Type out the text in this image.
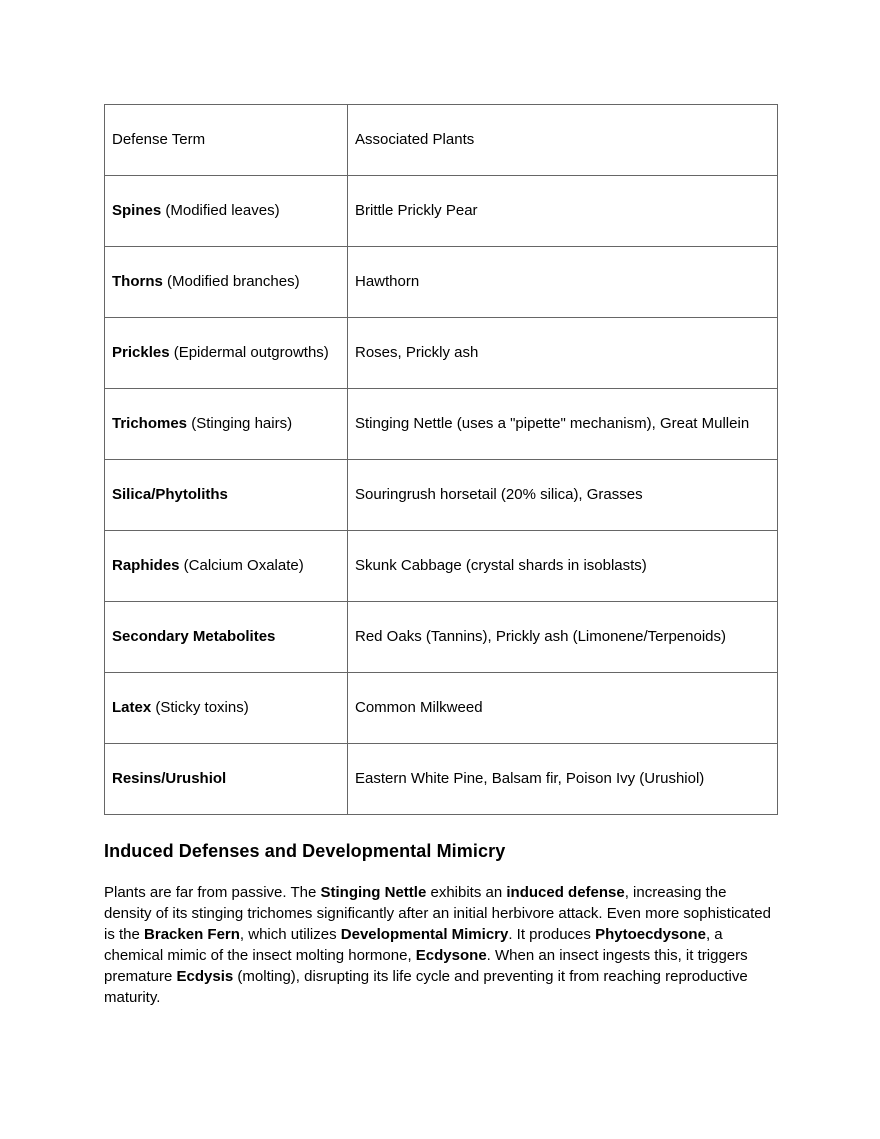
Defense Term	Associated Plants
Spines (Modified leaves)	Brittle Prickly Pear
Thorns (Modified branches)	Hawthorn
Prickles (Epidermal outgrowths)	Roses, Prickly ash
Trichomes (Stinging hairs)	Stinging Nettle (uses a "pipette" mechanism), Great Mullein
Silica/Phytoliths	Souringrush horsetail (20% silica), Grasses
Raphides (Calcium Oxalate)	Skunk Cabbage (crystal shards in isoblasts)
Secondary Metabolites	Red Oaks (Tannins), Prickly ash (Limonene/Terpenoids)
Latex (Sticky toxins)	Common Milkweed
Resins/Urushiol	Eastern White Pine, Balsam fir, Poison Ivy (Urushiol)
Induced Defenses and Developmental Mimicry

Plants are far from passive. The Stinging Nettle exhibits an induced defense, increasing the density of its stinging trichomes significantly after an initial herbivore attack. Even more sophisticated is the Bracken Fern, which utilizes Developmental Mimicry. It produces Phytoecdysone, a chemical mimic of the insect molting hormone, Ecdysone. When an insect ingests this, it triggers premature Ecdysis (molting), disrupting its life cycle and preventing it from reaching reproductive maturity.
